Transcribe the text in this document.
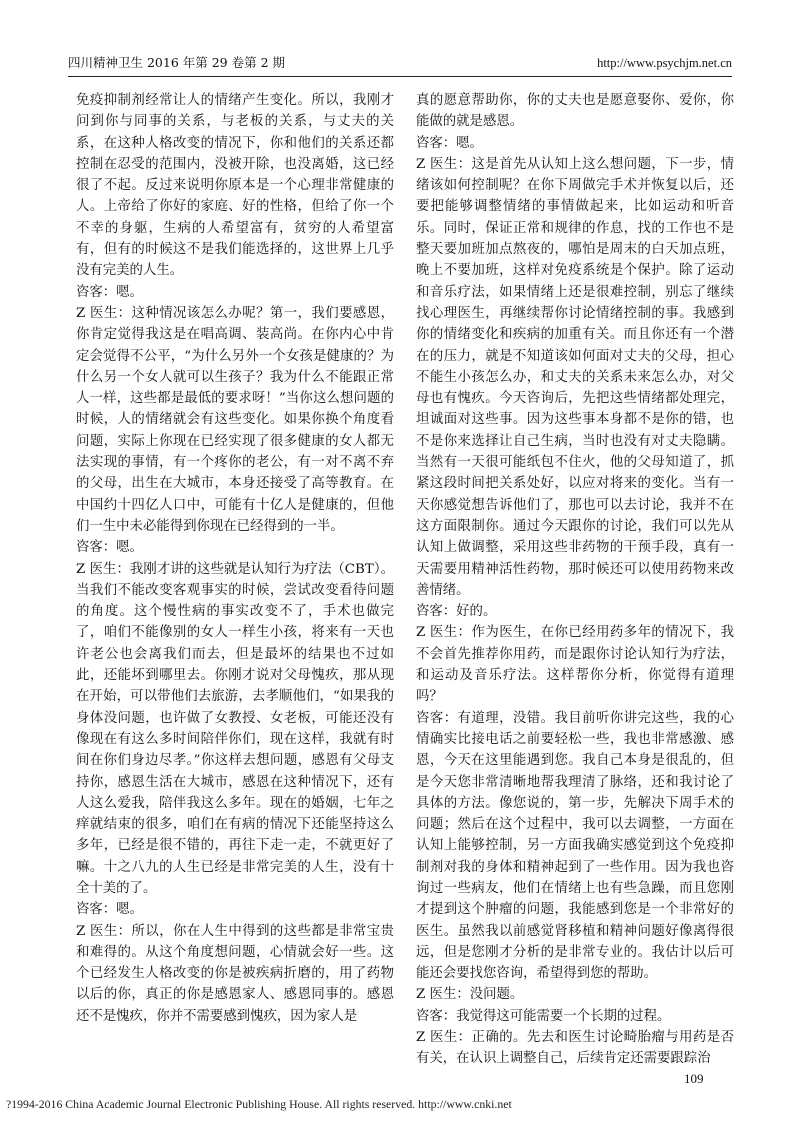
四川精神卫生 2016 年第 29 卷第 2 期	http://www.psychjm.net.cn

免疫抑制剂经常让人的情绪产生变化。所以，我刚才问到你与同事的关系，与老板的关系，与丈夫的关系，在这种人格改变的情况下，你和他们的关系还都控制在忍受的范围内，没被开除，也没离婚，这已经很了不起。反过来说明你原本是一个心理非常健康的人。上帝给了你好的家庭、好的性格，但给了你一个不幸的身躯，生病的人希望富有，贫穷的人希望富有，但有的时候这不是我们能选择的，这世界上几乎没有完美的人生。

咨客：嗯。

Z 医生：这种情况该怎么办呢？第一，我们要感恩，你肯定觉得我这是在唱高调、装高尚。在你内心中肯定会觉得不公平，“为什么另外一个女孩是健康的？为什么另一个女人就可以生孩子？我为什么不能跟正常人一样，这些都是最低的要求呀！”当你这么想问题的时候，人的情绪就会有这些变化。如果你换个角度看问题，实际上你现在已经实现了很多健康的女人都无法实现的事情，有一个疼你的老公，有一对不离不弃的父母，出生在大城市，本身还接受了高等教育。在中国约十四亿人口中，可能有十亿人是健康的，但他们一生中未必能得到你现在已经得到的一半。

咨客：嗯。

Z 医生：我刚才讲的这些就是认知行为疗法（CBT）。当我们不能改变客观事实的时候，尝试改变看待问题的角度。这个慢性病的事实改变不了，手术也做完了，咱们不能像别的女人一样生小孩，将来有一天也许老公也会离我们而去，但是最坏的结果也不过如此，还能坏到哪里去。你刚才说对父母愧疚，那从现在开始，可以带他们去旅游，去孝顺他们，“如果我的身体没问题，也许做了女教授、女老板，可能还没有像现在有这么多时间陪伴你们，现在这样，我就有时间在你们身边尽孝。”你这样去想问题，感恩有父母支持你，感恩生活在大城市，感恩在这种情况下，还有人这么爱我，陪伴我这么多年。现在的婚姻，七年之痒就结束的很多，咱们在有病的情况下还能坚持这么多年，已经是很不错的，再往下走一走，不就更好了嘛。十之八九的人生已经是非常完美的人生，没有十全十美的了。

咨客：嗯。

Z 医生：所以，你在人生中得到的这些都是非常宝贵和难得的。从这个角度想问题，心情就会好一些。这个已经发生人格改变的你是被疾病折磨的，用了药物以后的你，真正的你是感恩家人、感恩同事的。感恩还不是愧疚，你并不需要感到愧疚，因为家人是

真的愿意帮助你，你的丈夫也是愿意娶你、爱你，你能做的就是感恩。

咨客：嗯。

Z 医生：这是首先从认知上这么想问题，下一步，情绪该如何控制呢？在你下周做完手术并恢复以后，还要把能够调整情绪的事情做起来，比如运动和听音乐。同时，保证正常和规律的作息，找的工作也不是整天要加班加点熬夜的，哪怕是周末的白天加点班，晚上不要加班，这样对免疫系统是个保护。除了运动和音乐疗法，如果情绪上还是很难控制，别忘了继续找心理医生，再继续帮你讨论情绪控制的事。我感到你的情绪变化和疾病的加重有关。而且你还有一个潜在的压力，就是不知道该如何面对丈夫的父母，担心不能生小孩怎么办，和丈夫的关系未来怎么办，对父母也有愧疚。今天咨询后，先把这些情绪都处理完，坦诚面对这些事。因为这些事本身都不是你的错，也不是你来选择让自己生病，当时也没有对丈夫隐瞒。当然有一天很可能纸包不住火，他的父母知道了，抓紧这段时间把关系处好，以应对将来的变化。当有一天你感觉想告诉他们了，那也可以去讨论，我并不在这方面限制你。通过今天跟你的讨论，我们可以先从认知上做调整，采用这些非药物的干预手段，真有一天需要用精神活性药物，那时候还可以使用药物来改善情绪。

咨客：好的。

Z 医生：作为医生，在你已经用药多年的情况下，我不会首先推荐你用药，而是跟你讨论认知行为疗法，和运动及音乐疗法。这样帮你分析，你觉得有道理吗？

咨客：有道理，没错。我目前听你讲完这些，我的心情确实比接电话之前要轻松一些，我也非常感激、感恩，今天在这里能遇到您。我自己本身是很乱的，但是今天您非常清晰地帮我理清了脉络，还和我讨论了具体的方法。像您说的，第一步，先解决下周手术的问题；然后在这个过程中，我可以去调整，一方面在认知上能够控制，另一方面我确实感觉到这个免疫抑制剂对我的身体和精神起到了一些作用。因为我也咨询过一些病友，他们在情绪上也有些急躁，而且您刚才提到这个肿瘤的问题，我能感到您是一个非常好的医生。虽然我以前感觉肾移植和精神问题好像离得很远，但是您刚才分析的是非常专业的。我估计以后可能还会要找您咨询，希望得到您的帮助。

Z 医生：没问题。

咨客：我觉得这可能需要一个长期的过程。

Z 医生：正确的。先去和医生讨论畸胎瘤与用药是否有关，在认识上调整自己，后续肯定还需要跟踪治

109
?1994-2016 China Academic Journal Electronic Publishing House. All rights reserved. http://www.cnki.net
